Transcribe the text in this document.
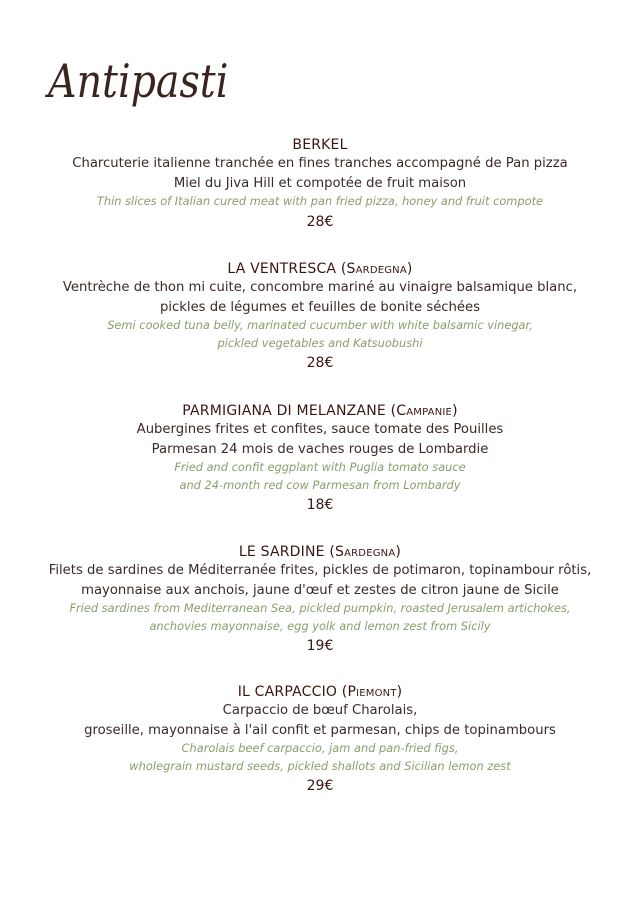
Antipasti

BERKEL

Charcuterie italienne tranchée en fines tranches accompagné de Pan pizza

Miel du Jiva Hill et compotée de fruit maison

Thin slices of Italian cured meat with pan fried pizza, honey and fruit compote

28€

LA VENTRESCA (Sardegna)

Ventrèche de thon mi cuite, concombre mariné au vinaigre balsamique blanc,

pickles de légumes et feuilles de bonite séchées

Semi cooked tuna belly, marinated cucumber with white balsamic vinegar,

pickled vegetables and Katsuobushi

28€

PARMIGIANA DI MELANZANE (Campanie)

Aubergines frites et confites, sauce tomate des Pouilles

Parmesan 24 mois de vaches rouges de Lombardie

Fried and confit eggplant with Puglia tomato sauce

and 24-month red cow Parmesan from Lombardy

18€

LE SARDINE (Sardegna)

Filets de sardines de Méditerranée frites, pickles de potimaron, topinambour rôtis,

mayonnaise aux anchois, jaune d'œuf et zestes de citron jaune de Sicile

Fried sardines from Mediterranean Sea, pickled pumpkin, roasted Jerusalem artichokes,

anchovies mayonnaise, egg yolk and lemon zest from Sicily

19€

IL CARPACCIO (Piemont)

Carpaccio de bœuf Charolais,

groseille, mayonnaise à l'ail confit et parmesan, chips de topinambours

Charolais beef carpaccio, jam and pan-fried figs,

wholegrain mustard seeds, pickled shallots and Sicilian lemon zest

29€
